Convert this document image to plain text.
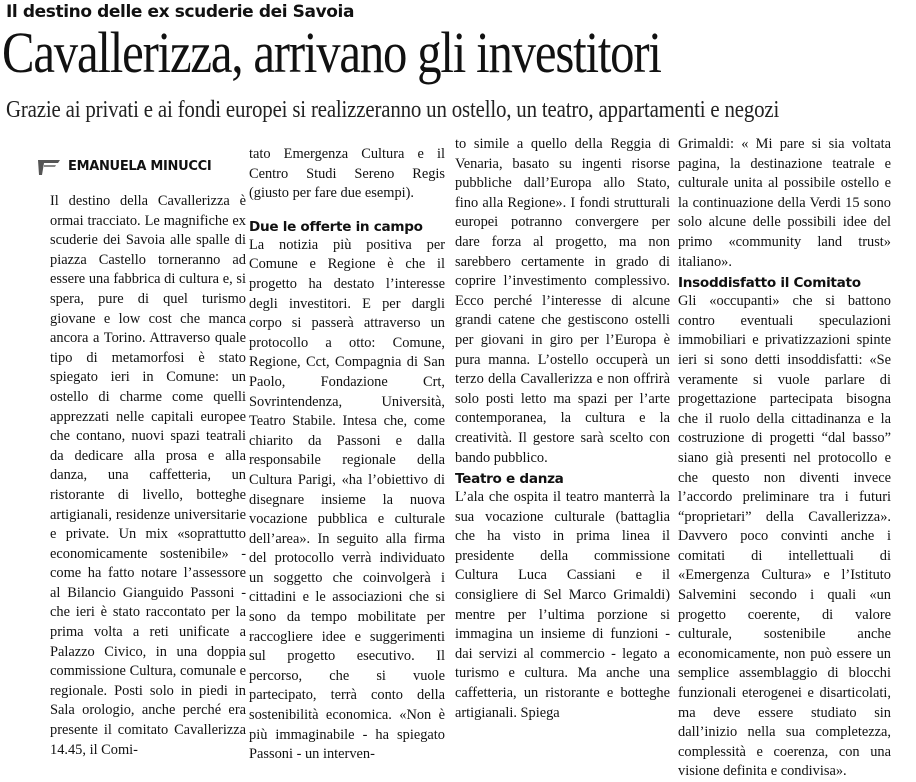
Il destino delle ex scuderie dei Savoia
Cavallerizza, arrivano gli investitori
Grazie ai privati e ai fondi europei si realizzeranno un ostello, un teatro, appartamenti e negozi
EMANUELA MINUCCI

Il destino della Cavallerizza è ormai tracciato. Le magnifiche ex scuderie dei Savoia alle spalle di piazza Castello torneranno ad essere una fabbrica di cultura e, si spera, pure di quel turismo giovane e low cost che manca ancora a Torino. Attraverso quale tipo di metamorfosi è stato spiegato ieri in Comune: un ostello di charme come quelli apprezzati nelle capitali europee che contano, nuovi spazi teatrali da dedicare alla prosa e alla danza, una caffetteria, un ristorante di livello, botteghe artigianali, residenze universitarie e private. Un mix «soprattutto economicamente sostenibile» - come ha fatto notare l’assessore al Bilancio Gianguido Passoni - che ieri è stato raccontato per la prima volta a reti unificate a Palazzo Civico, in una doppia commissione Cultura, comunale e regionale. Posti solo in piedi in Sala orologio, anche perché era presente il comitato Cavallerizza 14.45, il Comi-

tato Emergenza Cultura e il Centro Studi Sereno Regis (giusto per fare due esempi).

Due le offerte in campo

La notizia più positiva per Comune e Regione è che il progetto ha destato l’interesse degli investitori. E per dargli corpo si passerà attraverso un protocollo a otto: Comune, Regione, Cct, Compagnia di San Paolo, Fondazione Crt, Sovrintendenza, Università, Teatro Stabile. Intesa che, come chiarito da Passoni e dalla responsabile regionale della Cultura Parigi, «ha l’obiettivo di disegnare insieme la nuova vocazione pubblica e culturale dell’area». In seguito alla firma del protocollo verrà individuato un soggetto che coinvolgerà i cittadini e le associazioni che si sono da tempo mobilitate per raccogliere idee e suggerimenti sul progetto esecutivo. Il percorso, che si vuole partecipato, terrà conto della sostenibilità economica. «Non è più immaginabile - ha spiegato Passoni - un interven-

to simile a quello della Reggia di Venaria, basato su ingenti risorse pubbliche dall’Europa allo Stato, fino alla Regione». I fondi strutturali europei potranno convergere per dare forza al progetto, ma non sarebbero certamente in grado di coprire l’investimento complessivo. Ecco perché l’interesse di alcune grandi catene che gestiscono ostelli per giovani in giro per l’Europa è pura manna. L’ostello occuperà un terzo della Cavallerizza e non offrirà solo posti letto ma spazi per l’arte contemporanea, la cultura e la creatività. Il gestore sarà scelto con bando pubblico.

Teatro e danza

L’ala che ospita il teatro manterrà la sua vocazione culturale (battaglia che ha visto in prima linea il presidente della commissione Cultura Luca Cassiani e il consigliere di Sel Marco Grimaldi) mentre per l’ultima porzione si immagina un insieme di funzioni - dai servizi al commercio - legato a turismo e cultura. Ma anche una caffetteria, un ristorante e botteghe artigianali. Spiega

Grimaldi: « Mi pare si sia voltata pagina, la destinazione teatrale e culturale unita al possibile ostello e la continuazione della Verdi 15 sono solo alcune delle possibili idee del primo «community land trust» italiano».

Insoddisfatto il Comitato

Gli «occupanti» che si battono contro eventuali speculazioni immobiliari e privatizzazioni spinte ieri si sono detti insoddisfatti: «Se veramente si vuole parlare di progettazione partecipata bisogna che il ruolo della cittadinanza e la costruzione di progetti “dal basso” siano già presenti nel protocollo e che questo non diventi invece l’accordo preliminare tra i futuri “proprietari” della Cavallerizza». Davvero poco convinti anche i comitati di intellettuali di «Emergenza Cultura» e l’Istituto Salvemini secondo i quali «un progetto coerente, di valore culturale, sostenibile anche economicamente, non può essere un semplice assemblaggio di blocchi funzionali eterogenei e disarticolati, ma deve essere studiato sin dall’inizio nella sua completezza, complessità e coerenza, con una visione definita e condivisa».
